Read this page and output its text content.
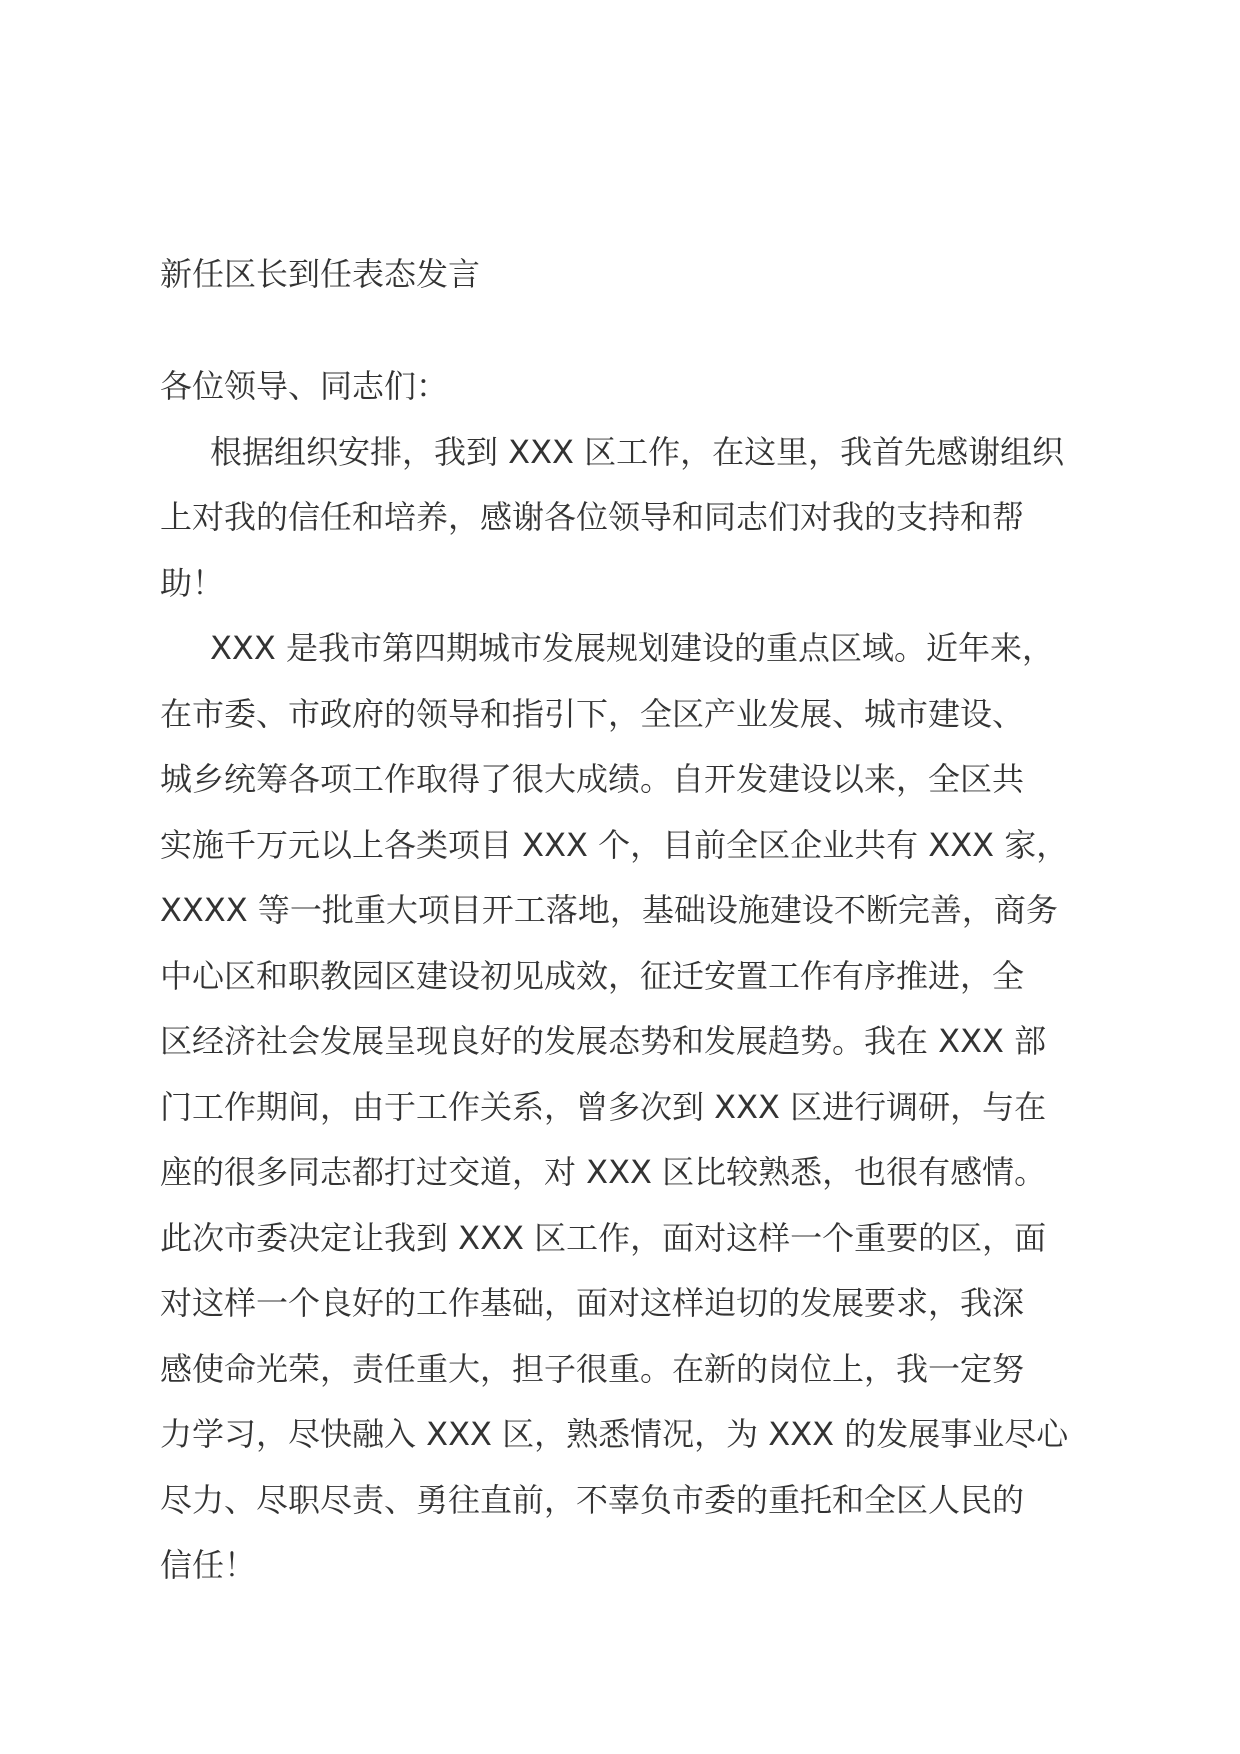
新任区长到任表态发言
各位领导、同志们：
根据组织安排，我到 XXX 区工作，在这里，我首先感谢组织
上对我的信任和培养，感谢各位领导和同志们对我的支持和帮
助！
XXX 是我市第四期城市发展规划建设的重点区域。近年来，
在市委、市政府的领导和指引下，全区产业发展、城市建设、
城乡统筹各项工作取得了很大成绩。自开发建设以来，全区共
实施千万元以上各类项目 XXX 个，目前全区企业共有 XXX 家，
XXXX 等一批重大项目开工落地，基础设施建设不断完善，商务
中心区和职教园区建设初见成效，征迁安置工作有序推进，全
区经济社会发展呈现良好的发展态势和发展趋势。我在 XXX 部
门工作期间，由于工作关系，曾多次到 XXX 区进行调研，与在
座的很多同志都打过交道，对 XXX 区比较熟悉，也很有感情。
此次市委决定让我到 XXX 区工作，面对这样一个重要的区，面
对这样一个良好的工作基础，面对这样迫切的发展要求，我深
感使命光荣，责任重大，担子很重。在新的岗位上，我一定努
力学习，尽快融入 XXX 区，熟悉情况，为 XXX 的发展事业尽心
尽力、尽职尽责、勇往直前，不辜负市委的重托和全区人民的
信任！
